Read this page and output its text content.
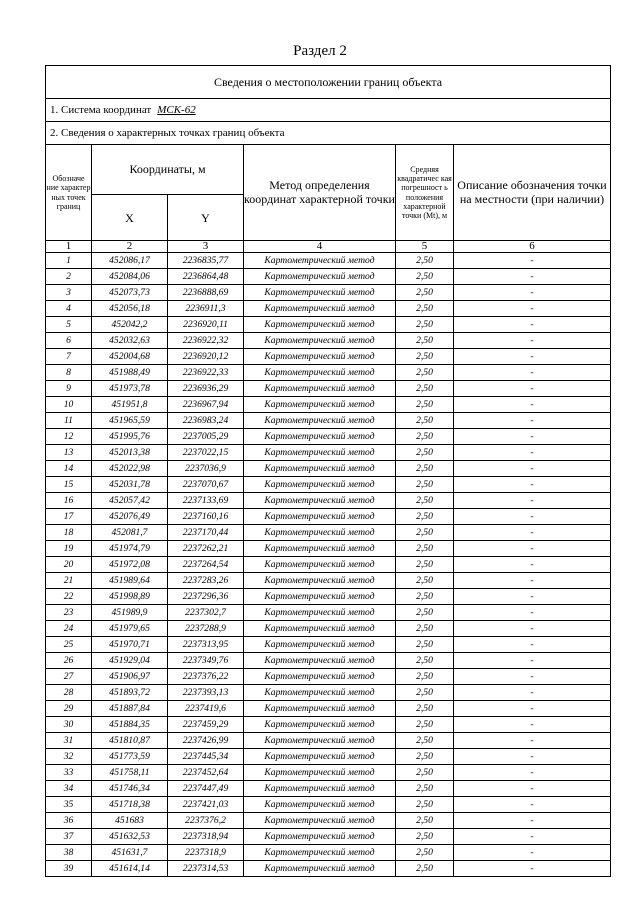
Раздел 2
Сведения о местоположении границ объекта					
1. Система координат МСК-62					
2. Сведения о характерных точках границ объекта					
Обозначе ние характер ных точек границ	Координаты, м		Метод определения координат характерной точки	Средняя квадратичес кая погрешност ь положения характерной точки (Mt), м	Описание обозначения точки на местности (при наличии)
	X	Y			
1	2	3	4	5	6
1	452086,17	2236835,77	Картометрический метод	2,50	-
2	452084,06	2236864,48	Картометрический метод	2,50	-
3	452073,73	2236888,69	Картометрический метод	2,50	-
4	452056,18	2236911,3	Картометрический метод	2,50	-
5	452042,2	2236920,11	Картометрический метод	2,50	-
6	452032,63	2236922,32	Картометрический метод	2,50	-
7	452004,68	2236920,12	Картометрический метод	2,50	-
8	451988,49	2236922,33	Картометрический метод	2,50	-
9	451973,78	2236936,29	Картометрический метод	2,50	-
10	451951,8	2236967,94	Картометрический метод	2,50	-
11	451965,59	2236983,24	Картометрический метод	2,50	-
12	451995,76	2237005,29	Картометрический метод	2,50	-
13	452013,38	2237022,15	Картометрический метод	2,50	-
14	452022,98	2237036,9	Картометрический метод	2,50	-
15	452031,78	2237070,67	Картометрический метод	2,50	-
16	452057,42	2237133,69	Картометрический метод	2,50	-
17	452076,49	2237160,16	Картометрический метод	2,50	-
18	452081,7	2237170,44	Картометрический метод	2,50	-
19	451974,79	2237262,21	Картометрический метод	2,50	-
20	451972,08	2237264,54	Картометрический метод	2,50	-
21	451989,64	2237283,26	Картометрический метод	2,50	-
22	451998,89	2237296,36	Картометрический метод	2,50	-
23	451989,9	2237302,7	Картометрический метод	2,50	-
24	451979,65	2237288,9	Картометрический метод	2,50	-
25	451970,71	2237313,95	Картометрический метод	2,50	-
26	451929,04	2237349,76	Картометрический метод	2,50	-
27	451906,97	2237376,22	Картометрический метод	2,50	-
28	451893,72	2237393,13	Картометрический метод	2,50	-
29	451887,84	2237419,6	Картометрический метод	2,50	-
30	451884,35	2237459,29	Картометрический метод	2,50	-
31	451810,87	2237426,99	Картометрический метод	2,50	-
32	451773,59	2237445,34	Картометрический метод	2,50	-
33	451758,11	2237452,64	Картометрический метод	2,50	-
34	451746,34	2237447,49	Картометрический метод	2,50	-
35	451718,38	2237421,03	Картометрический метод	2,50	-
36	451683	2237376,2	Картометрический метод	2,50	-
37	451632,53	2237318,94	Картометрический метод	2,50	-
38	451631,7	2237318,9	Картометрический метод	2,50	-
39	451614,14	2237314,53	Картометрический метод	2,50	-
